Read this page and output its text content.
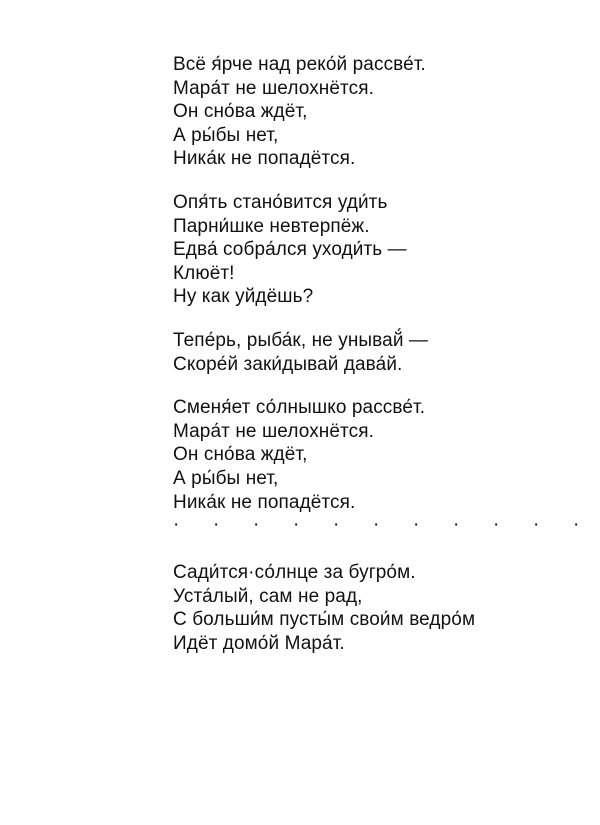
Всё я́рче над реко́й рассве́т.
Мара́т не шелохнётся.
Он сно́ва ждёт,
А ры́бы нет,
Ника́к не попадётся.
Опя́ть стано́вится уди́ть
Парни́шке невтерпёж.
Едва́ собра́лся уходи́ть —
Клюёт!
Ну как уйдёшь?
Тепе́рь, рыба́к, не унывай́ —
Скоре́й заки́дывай дава́й.
Сменя́ет со́лнышко рассве́т.
Мара́т не шелохнётся.
Он сно́ва ждёт,
А ры́бы нет,
Ника́к не попадётся.
· · · · · · · · · · ·
Сади́тся·со́лнце за бугро́м.
Уста́лый, сам не рад,
С больши́м пусты́м свои́м ведро́м
Идёт домо́й Мара́т.
